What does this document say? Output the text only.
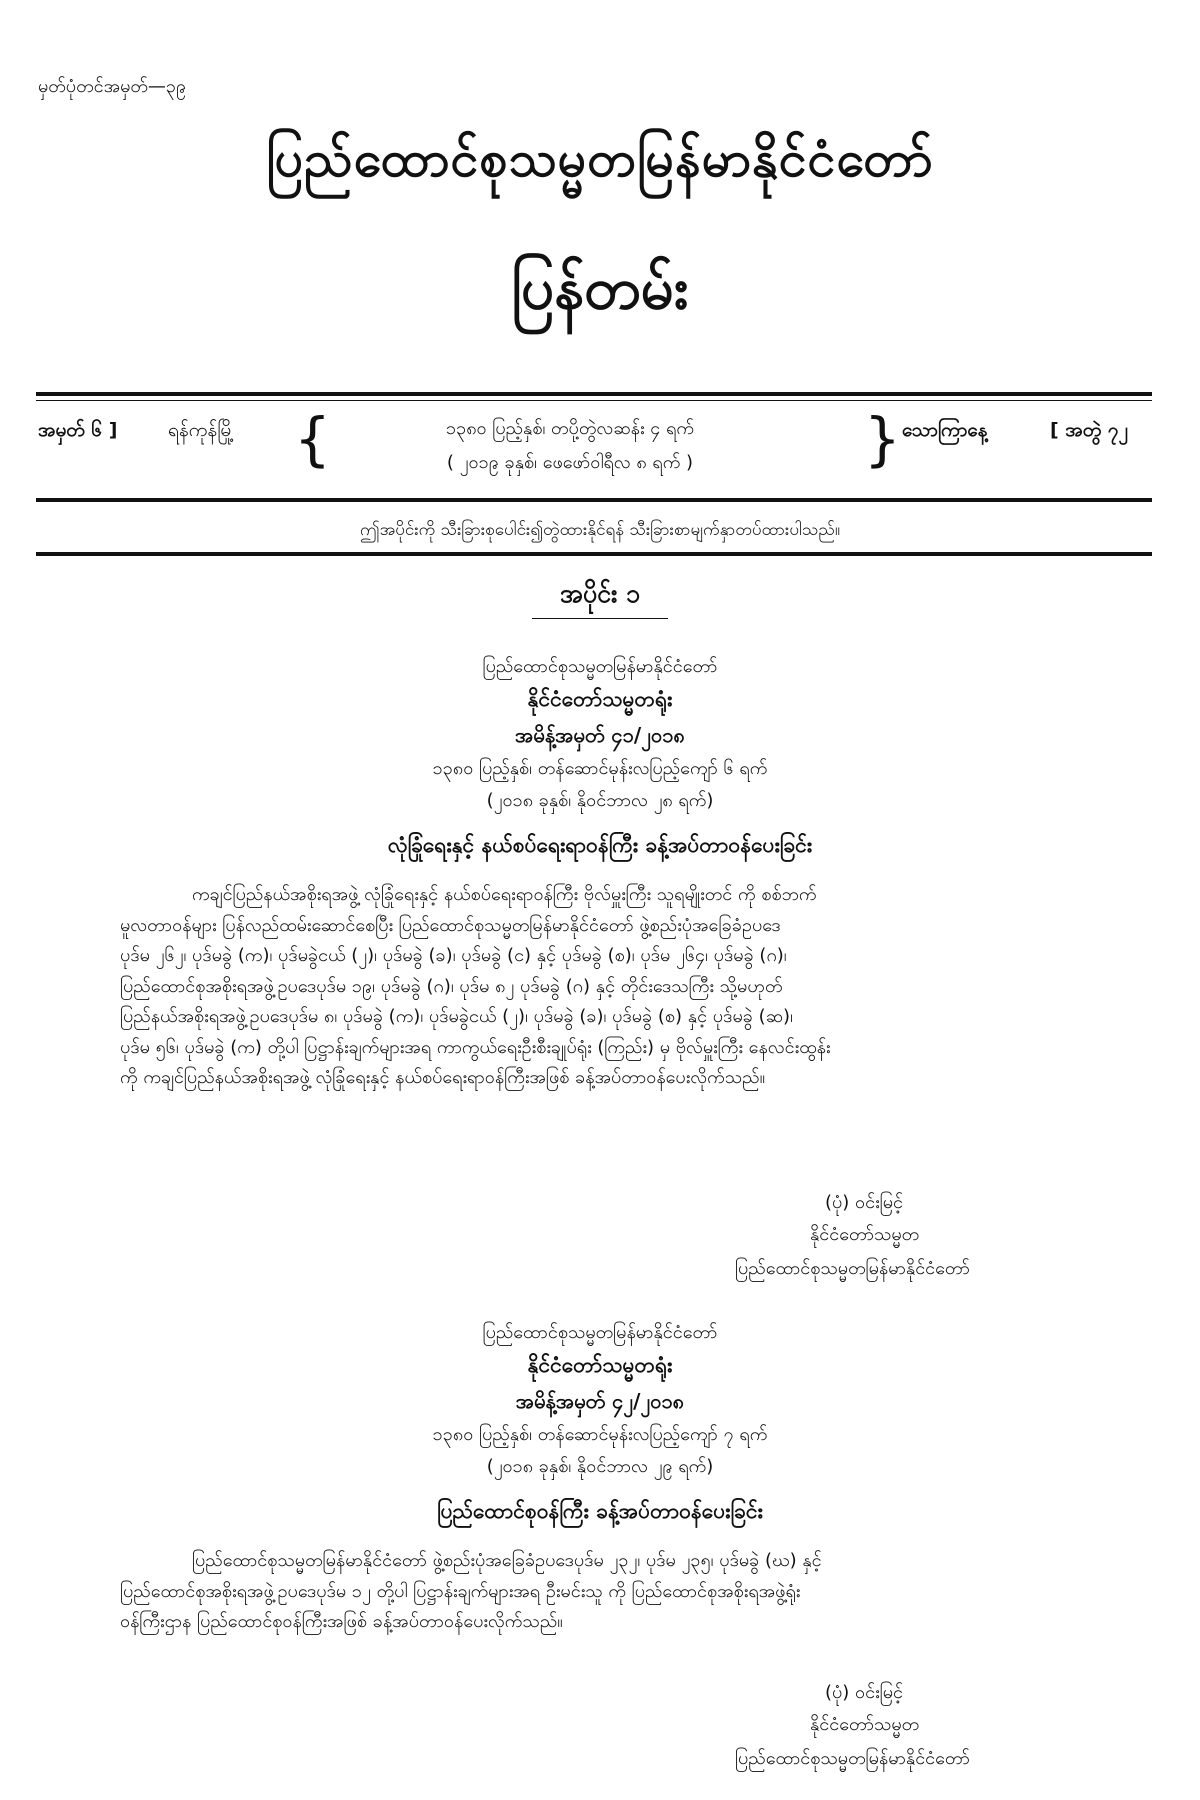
မှတ်ပုံတင်အမှတ်—၃၉
ပြည်ထောင်စုသမ္မတမြန်မာနိုင်ငံတော်
ပြန်တမ်း
အမှတ် ၆ ]	ရန်ကုန်မြို့ {	၁၃၈၀ ပြည့်နှစ်၊ တပို့တွဲလဆန်း ၄ ရက်
( ၂၀၁၉ ခုနှစ်၊ ဖေဖော်ဝါရီလ ၈ ရက် )	} သောကြာနေ့	[ အတွဲ ၇၂
ဤအပိုင်းကို သီးခြားစုပေါင်း၍တွဲထားနိုင်ရန် သီးခြားစာမျက်နှာတပ်ထားပါသည်။
အပိုင်း ၁
ပြည်ထောင်စုသမ္မတမြန်မာနိုင်ငံတော်
နိုင်ငံတော်သမ္မတရုံး
အမိန့်အမှတ် ၄၁/၂၀၁၈
၁၃၈၀ ပြည့်နှစ်၊ တန်ဆောင်မုန်းလပြည့်ကျော် ၆ ရက်
(၂၀၁၈ ခုနှစ်၊ နိုဝင်ဘာလ ၂၈ ရက်)
လုံခြုံရေးနှင့် နယ်စပ်ရေးရာဝန်ကြီး ခန့်အပ်တာဝန်ပေးခြင်း

ကချင်ပြည်နယ်အစိုးရအဖွဲ့ လုံခြုံရေးနှင့် နယ်စပ်ရေးရာဝန်ကြီး ဗိုလ်မှူးကြီး သူရမျိုးတင် ကို စစ်ဘက်

မူလတာဝန်များ ပြန်လည်ထမ်းဆောင်စေပြီး ပြည်ထောင်စုသမ္မတမြန်မာနိုင်ငံတော် ဖွဲ့စည်းပုံအခြေခံဥပဒေ

ပုဒ်မ ၂၆၂၊ ပုဒ်မခွဲ (က)၊ ပုဒ်မခွဲငယ် (၂)၊ ပုဒ်မခွဲ (ခ)၊ ပုဒ်မခွဲ (င) နှင့် ပုဒ်မခွဲ (စ)၊ ပုဒ်မ ၂၆၄၊ ပုဒ်မခွဲ (ဂ)၊

ပြည်ထောင်စုအစိုးရအဖွဲ့ဥပဒေပုဒ်မ ၁၉၊ ပုဒ်မခွဲ (ဂ)၊ ပုဒ်မ ၈၂ ပုဒ်မခွဲ (ဂ) နှင့် တိုင်းဒေသကြီး သို့မဟုတ်

ပြည်နယ်အစိုးရအဖွဲ့ဥပဒေပုဒ်မ ၈၊ ပုဒ်မခွဲ (က)၊ ပုဒ်မခွဲငယ် (၂)၊ ပုဒ်မခွဲ (ခ)၊ ပုဒ်မခွဲ (စ) နှင့် ပုဒ်မခွဲ (ဆ)၊

ပုဒ်မ ၅၆၊ ပုဒ်မခွဲ (က) တို့ပါ ပြဋ္ဌာန်းချက်များအရ ကာကွယ်ရေးဦးစီးချုပ်ရုံး (ကြည်း) မှ ဗိုလ်မှူးကြီး နေလင်းထွန်း

ကို ကချင်ပြည်နယ်အစိုးရအဖွဲ့ လုံခြုံရေးနှင့် နယ်စပ်ရေးရာဝန်ကြီးအဖြစ် ခန့်အပ်တာဝန်ပေးလိုက်သည်။

(ပုံ) ဝင်းမြင့်
နိုင်ငံတော်သမ္မတ
ပြည်ထောင်စုသမ္မတမြန်မာနိုင်ငံတော်
ပြည်ထောင်စုသမ္မတမြန်မာနိုင်ငံတော်
နိုင်ငံတော်သမ္မတရုံး
အမိန့်အမှတ် ၄၂/၂၀၁၈
၁၃၈၀ ပြည့်နှစ်၊ တန်ဆောင်မုန်းလပြည့်ကျော် ၇ ရက်
(၂၀၁၈ ခုနှစ်၊ နိုဝင်ဘာလ ၂၉ ရက်)
ပြည်ထောင်စုဝန်ကြီး ခန့်အပ်တာဝန်ပေးခြင်း

ပြည်ထောင်စုသမ္မတမြန်မာနိုင်ငံတော် ဖွဲ့စည်းပုံအခြေခံဥပဒေပုဒ်မ ၂၃၂၊ ပုဒ်မ ၂၃၅၊ ပုဒ်မခွဲ (ဃ) နှင့်

ပြည်ထောင်စုအစိုးရအဖွဲ့ဥပဒေပုဒ်မ ၁၂ တို့ပါ ပြဋ္ဌာန်းချက်များအရ ဦးမင်းသူ ကို ပြည်ထောင်စုအစိုးရအဖွဲ့ရုံး

ဝန်ကြီးဌာန ပြည်ထောင်စုဝန်ကြီးအဖြစ် ခန့်အပ်တာဝန်ပေးလိုက်သည်။

(ပုံ) ဝင်းမြင့်
နိုင်ငံတော်သမ္မတ
ပြည်ထောင်စုသမ္မတမြန်မာနိုင်ငံတော်
